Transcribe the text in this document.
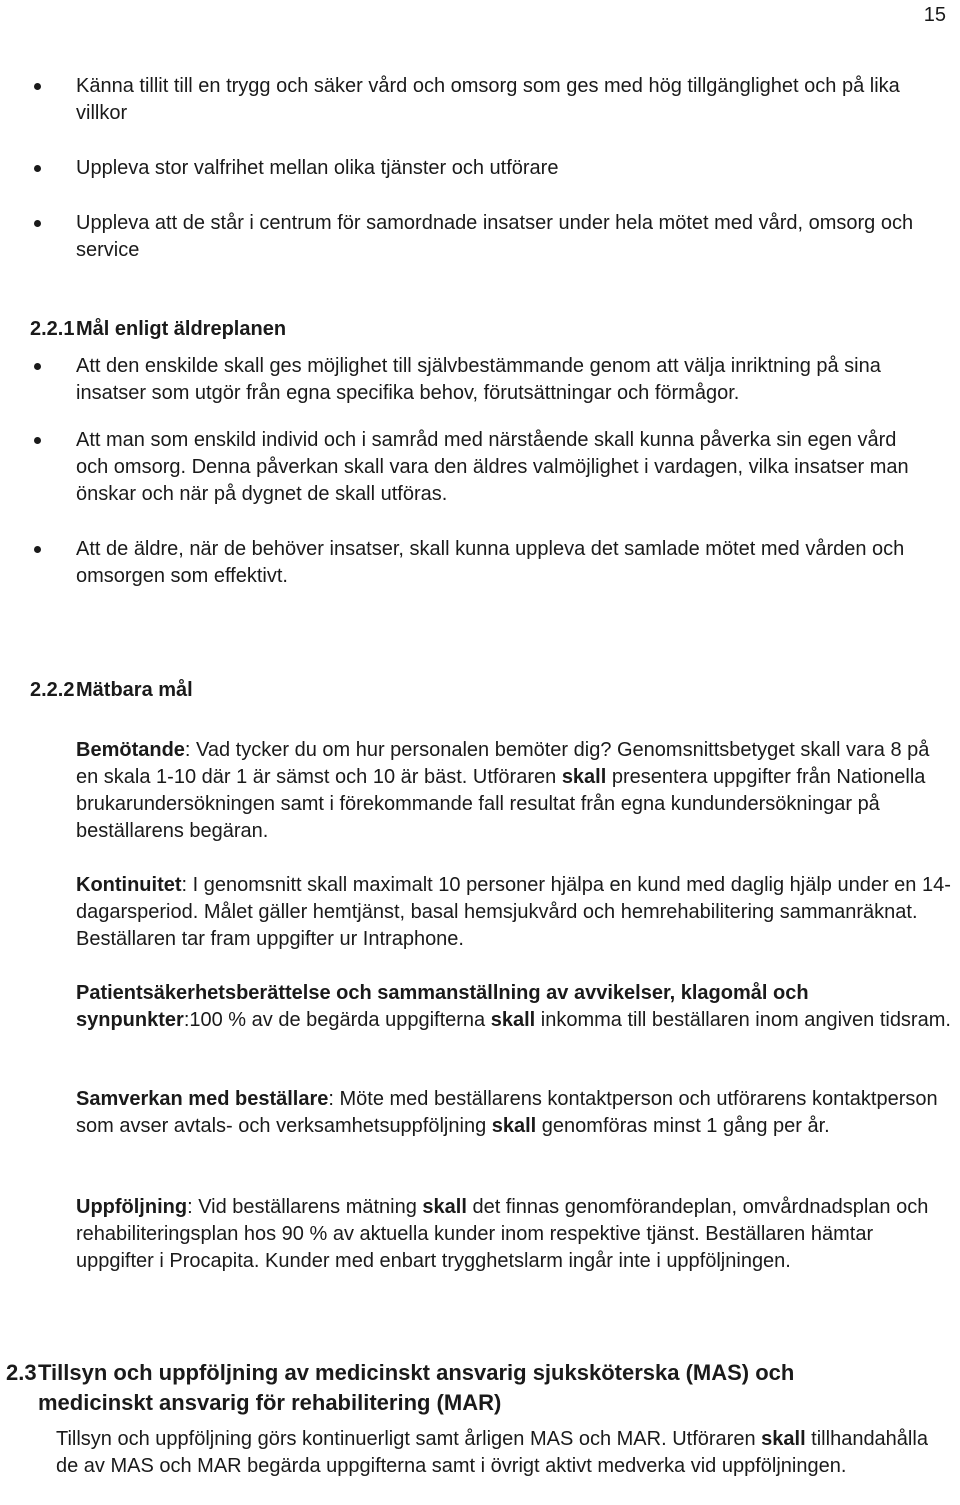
15
Känna tillit till en trygg och säker vård och omsorg som ges med hög tillgänglighet och på lika villkor
Uppleva stor valfrihet mellan olika tjänster och utförare
Uppleva att de står i centrum för samordnade insatser under hela mötet med vård, omsorg och service
2.2.1Mål enligt äldreplanen
Att den enskilde skall ges möjlighet till självbestämmande genom att välja inriktning på sina insatser som utgör från egna specifika behov, förutsättningar och förmågor.
Att man som enskild individ och i samråd med närstående skall kunna påverka sin egen vård och omsorg. Denna påverkan skall vara den äldres valmöjlighet i vardagen, vilka insatser man önskar och när på dygnet de skall utföras.
Att de äldre, när de behöver insatser, skall kunna uppleva det samlade mötet med vården och omsorgen som effektivt.
2.2.2Mätbara mål
Bemötande: Vad tycker du om hur personalen bemöter dig? Genomsnittsbetyget skall vara 8 på en skala 1-10 där 1 är sämst och 10 är bäst. Utföraren skall presentera uppgifter från Nationella brukarundersökningen samt i förekommande fall resultat från egna kundundersökningar på beställarens begäran.
Kontinuitet: I genomsnitt skall maximalt 10 personer hjälpa en kund med daglig hjälp under en 14-dagarsperiod. Målet gäller hemtjänst, basal hemsjukvård och hemrehabilitering sammanräknat. Beställaren tar fram uppgifter ur Intraphone.
Patientsäkerhetsberättelse och sammanställning av avvikelser, klagomål och synpunkter:100 % av de begärda uppgifterna skall inkomma till beställaren inom angiven tidsram.
Samverkan med beställare: Möte med beställarens kontaktperson och utförarens kontaktperson som avser avtals- och verksamhetsuppföljning skall genomföras minst 1 gång per år.
Uppföljning: Vid beställarens mätning skall det finnas genomförandeplan, omvårdnadsplan och rehabiliteringsplan hos 90 % av aktuella kunder inom respektive tjänst. Beställaren hämtar uppgifter i Procapita. Kunder med enbart trygghetslarm ingår inte i uppföljningen.
2.3Tillsyn och uppföljning av medicinskt ansvarig sjuksköterska (MAS) och
medicinskt ansvarig för rehabilitering (MAR)
Tillsyn och uppföljning görs kontinuerligt samt årligen MAS och MAR. Utföraren skall tillhandahålla de av MAS och MAR begärda uppgifterna samt i övrigt aktivt medverka vid uppföljningen.
